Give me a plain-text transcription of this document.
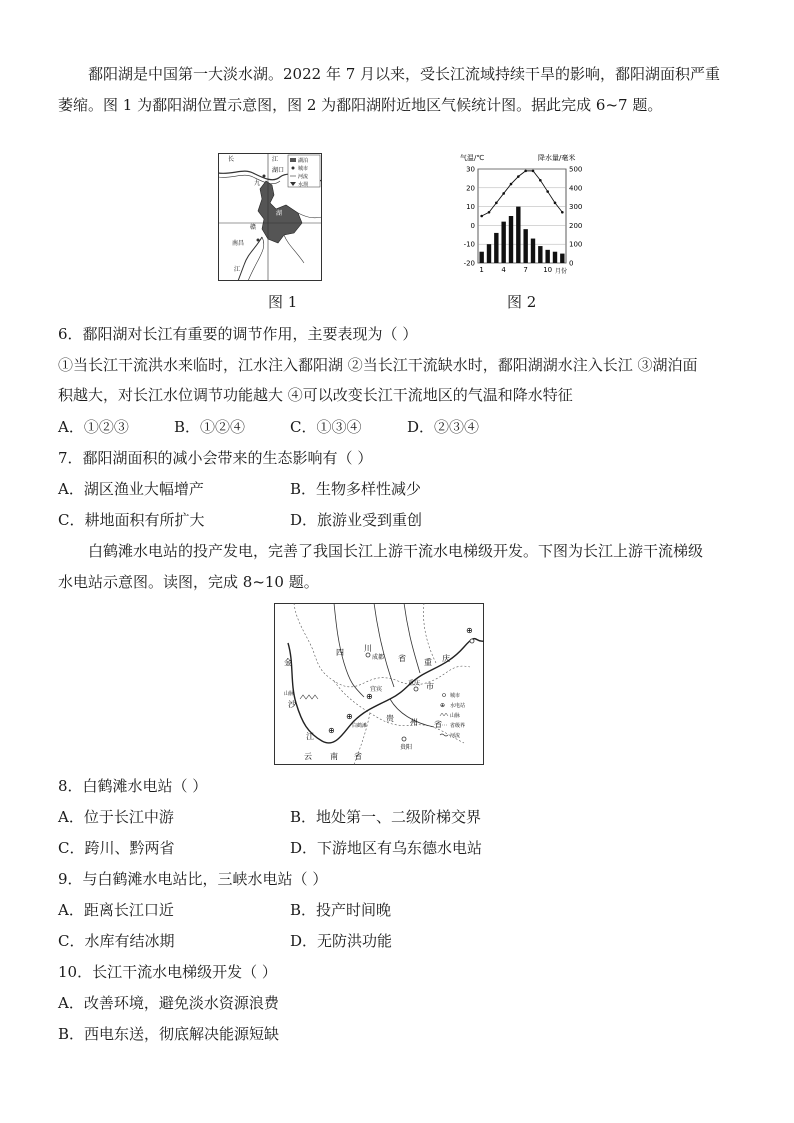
鄱阳湖是中国第一大淡水湖。2022 年 7 月以来，受长江流域持续干旱的影响，鄱阳湖面积严重
萎缩。图 1 为鄱阳湖位置示意图，图 2 为鄱阳湖附近地区气候统计图。据此完成 6~7 题。
湖泊
城市
河流
水坝
长	江
九
湖口
湖
赣
南昌
江
图 1
气温/℃	降水量/毫米
30
20
10
0
-10
-20
500
400
300
200
100
0
1	4	7 10 月份
图 2
6．鄱阳湖对长江有重要的调节作用，主要表现为（ ）
①当长江干流洪水来临时，江水注入鄱阳湖 ②当长江干流缺水时，鄱阳湖湖水注入长江 ③湖泊面
积越大，对长江水位调节功能越大 ④可以改变长江干流地区的气温和降水特征
A．①②③	B．①②④	C．①③④	D．②③④
7．鄱阳湖面积的减小会带来的生态影响有（ ）
A．湖区渔业大幅增产	B．生物多样性减少
C．耕地面积有所扩大	D．旅游业受到重创
白鹤滩水电站的投产发电，完善了我国长江上游干流水电梯级开发。下图为长江上游干流梯级
水电站示意图。读图，完成 8~10 题。
⊕
⊕
⊕
⊕
四	川
成都 省 重 庆
重庆 市
宜宾
贵 州 省
贵阳
云 南 省
金
沙
江
山脉
白鹤滩
城市
⊕ 水电站
山脉
省级界
河流
8．白鹤滩水电站（ ）
A．位于长江中游	B．地处第一、二级阶梯交界
C．跨川、黔两省	D．下游地区有乌东德水电站
9．与白鹤滩水电站比，三峡水电站（ ）
A．距离长江口近	B．投产时间晚
C．水库有结冰期	D．无防洪功能
10．长江干流水电梯级开发（ ）
A．改善环境，避免淡水资源浪费
B．西电东送，彻底解决能源短缺
